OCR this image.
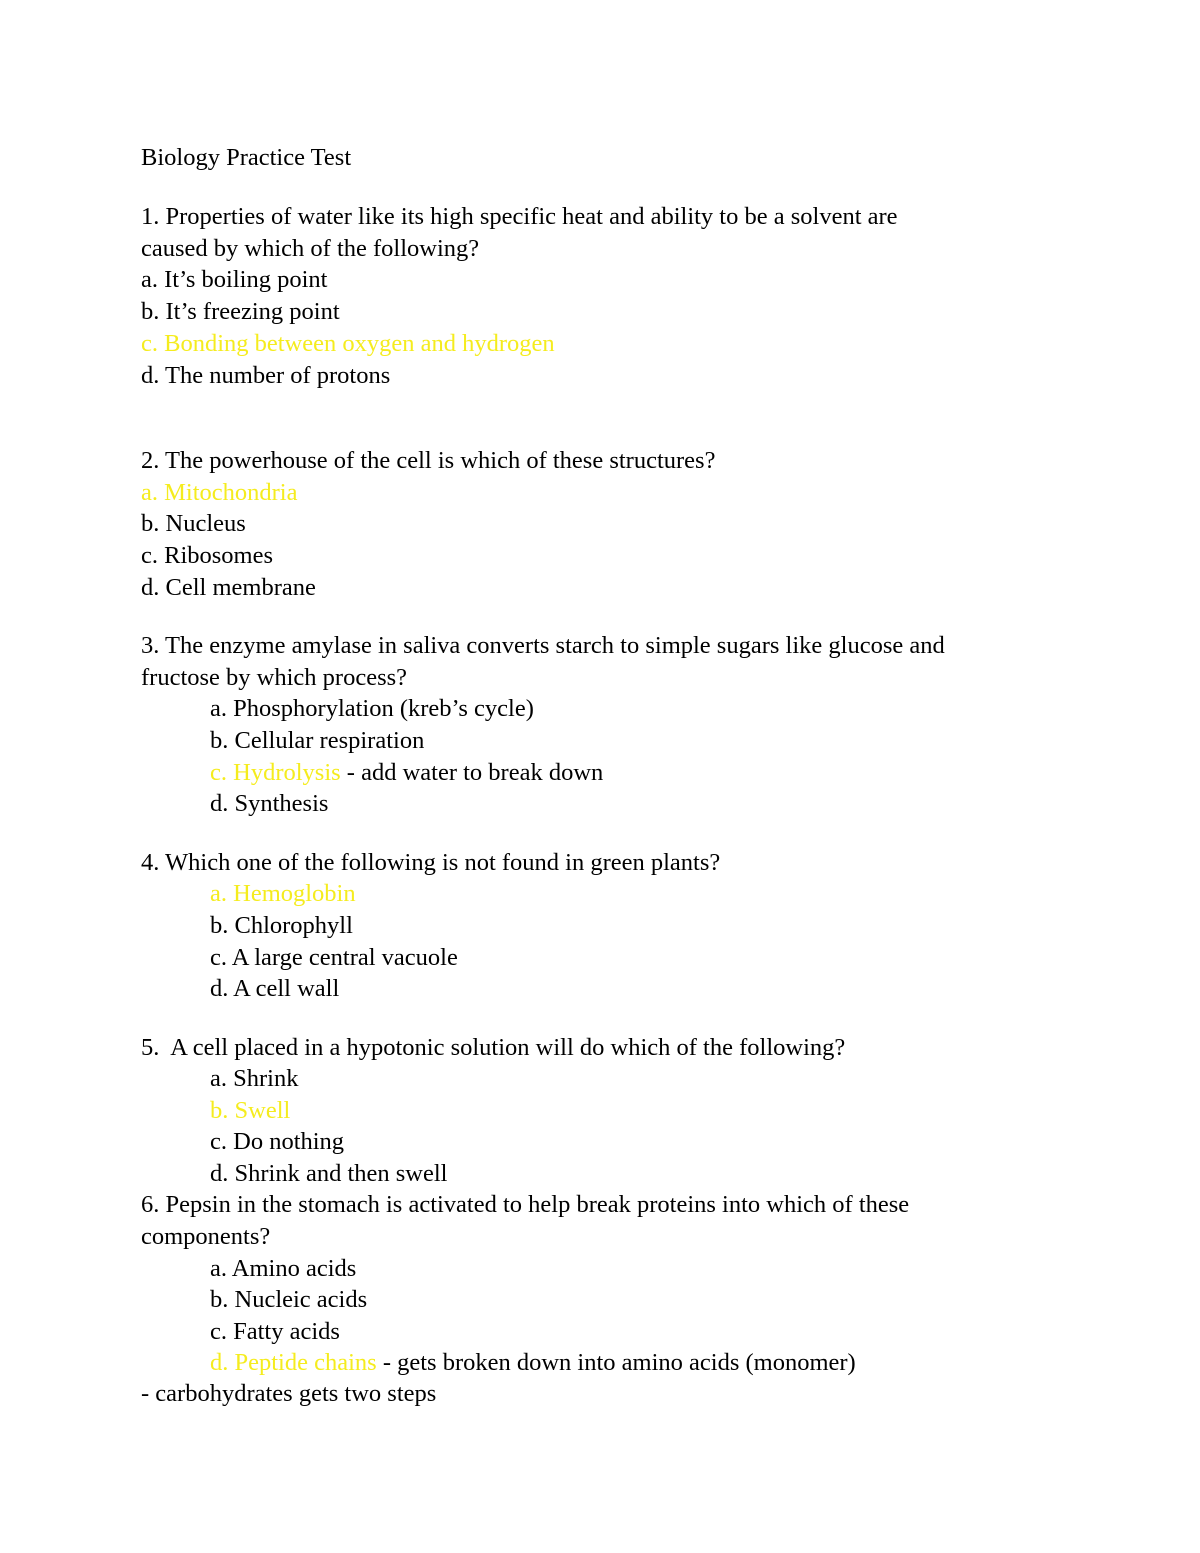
Biology Practice Test
1. Properties of water like its high specific heat and ability to be a solvent are
caused by which of the following?
a. It’s boiling point
b. It’s freezing point
c. Bonding between oxygen and hydrogen
d. The number of protons
2. The powerhouse of the cell is which of these structures?
a. Mitochondria
b. Nucleus
c. Ribosomes
d. Cell membrane
3. The enzyme amylase in saliva converts starch to simple sugars like glucose and
fructose by which process?
a. Phosphorylation (kreb’s cycle)
b. Cellular respiration
c. Hydrolysis - add water to break down
d. Synthesis
4. Which one of the following is not found in green plants?
a. Hemoglobin
b. Chlorophyll
c. A large central vacuole
d. A cell wall
5.  A cell placed in a hypotonic solution will do which of the following?
a. Shrink
b. Swell
c. Do nothing
d. Shrink and then swell
6. Pepsin in the stomach is activated to help break proteins into which of these
components?
a. Amino acids
b. Nucleic acids
c. Fatty acids
d. Peptide chains - gets broken down into amino acids (monomer)
- carbohydrates gets two steps
